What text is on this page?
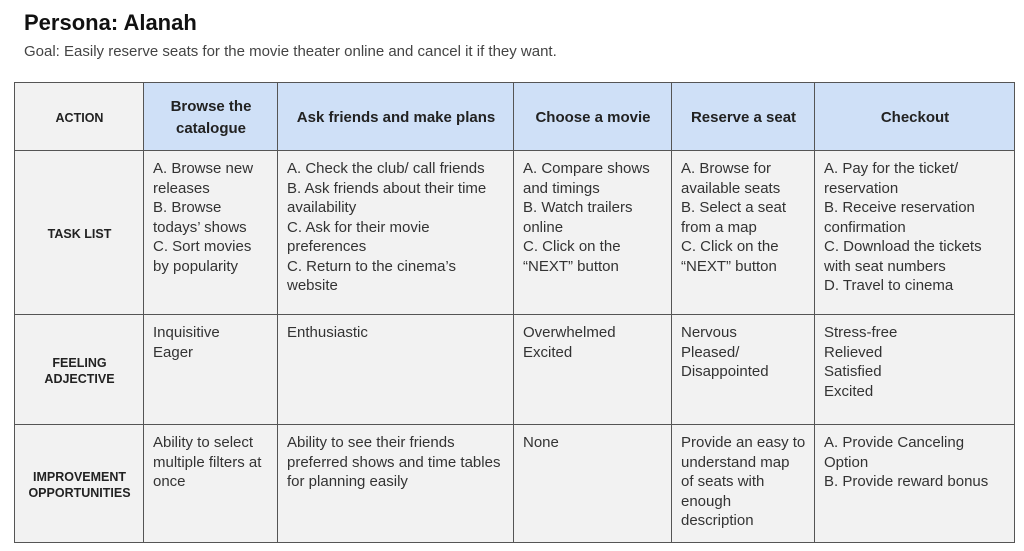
Persona: Alanah
Goal: Easily reserve seats for the movie theater online and cancel it if they want.
ACTION	Browse the catalogue	Ask friends and make plans	Choose a movie	Reserve a seat	Checkout
TASK LIST	A. Browse new releases
B. Browse todays’ shows
C. Sort movies by popularity	A. Check the club/ call friends
B. Ask friends about their time availability
C. Ask for their movie preferences
C. Return to the cinema’s website	A. Compare shows and timings
B. Watch trailers online
C. Click on the “NEXT” button	A. Browse for available seats
B. Select a seat from a map
C. Click on the “NEXT” button	A. Pay for the ticket/ reservation
B. Receive reservation confirmation
C. Download the tickets with seat numbers
D. Travel to cinema

FEELING ADJECTIVE	Inquisitive
Eager	Enthusiastic	Overwhelmed
Excited	Nervous
Pleased/ Disappointed	Stress-free
Relieved
Satisfied
Excited

IMPROVEMENT OPPORTUNITIES	Ability to select multiple filters at once	Ability to see their friends preferred shows and time tables for planning easily	None	Provide an easy to understand map of seats with enough description	A. Provide Canceling Option
B. Provide reward bonus
